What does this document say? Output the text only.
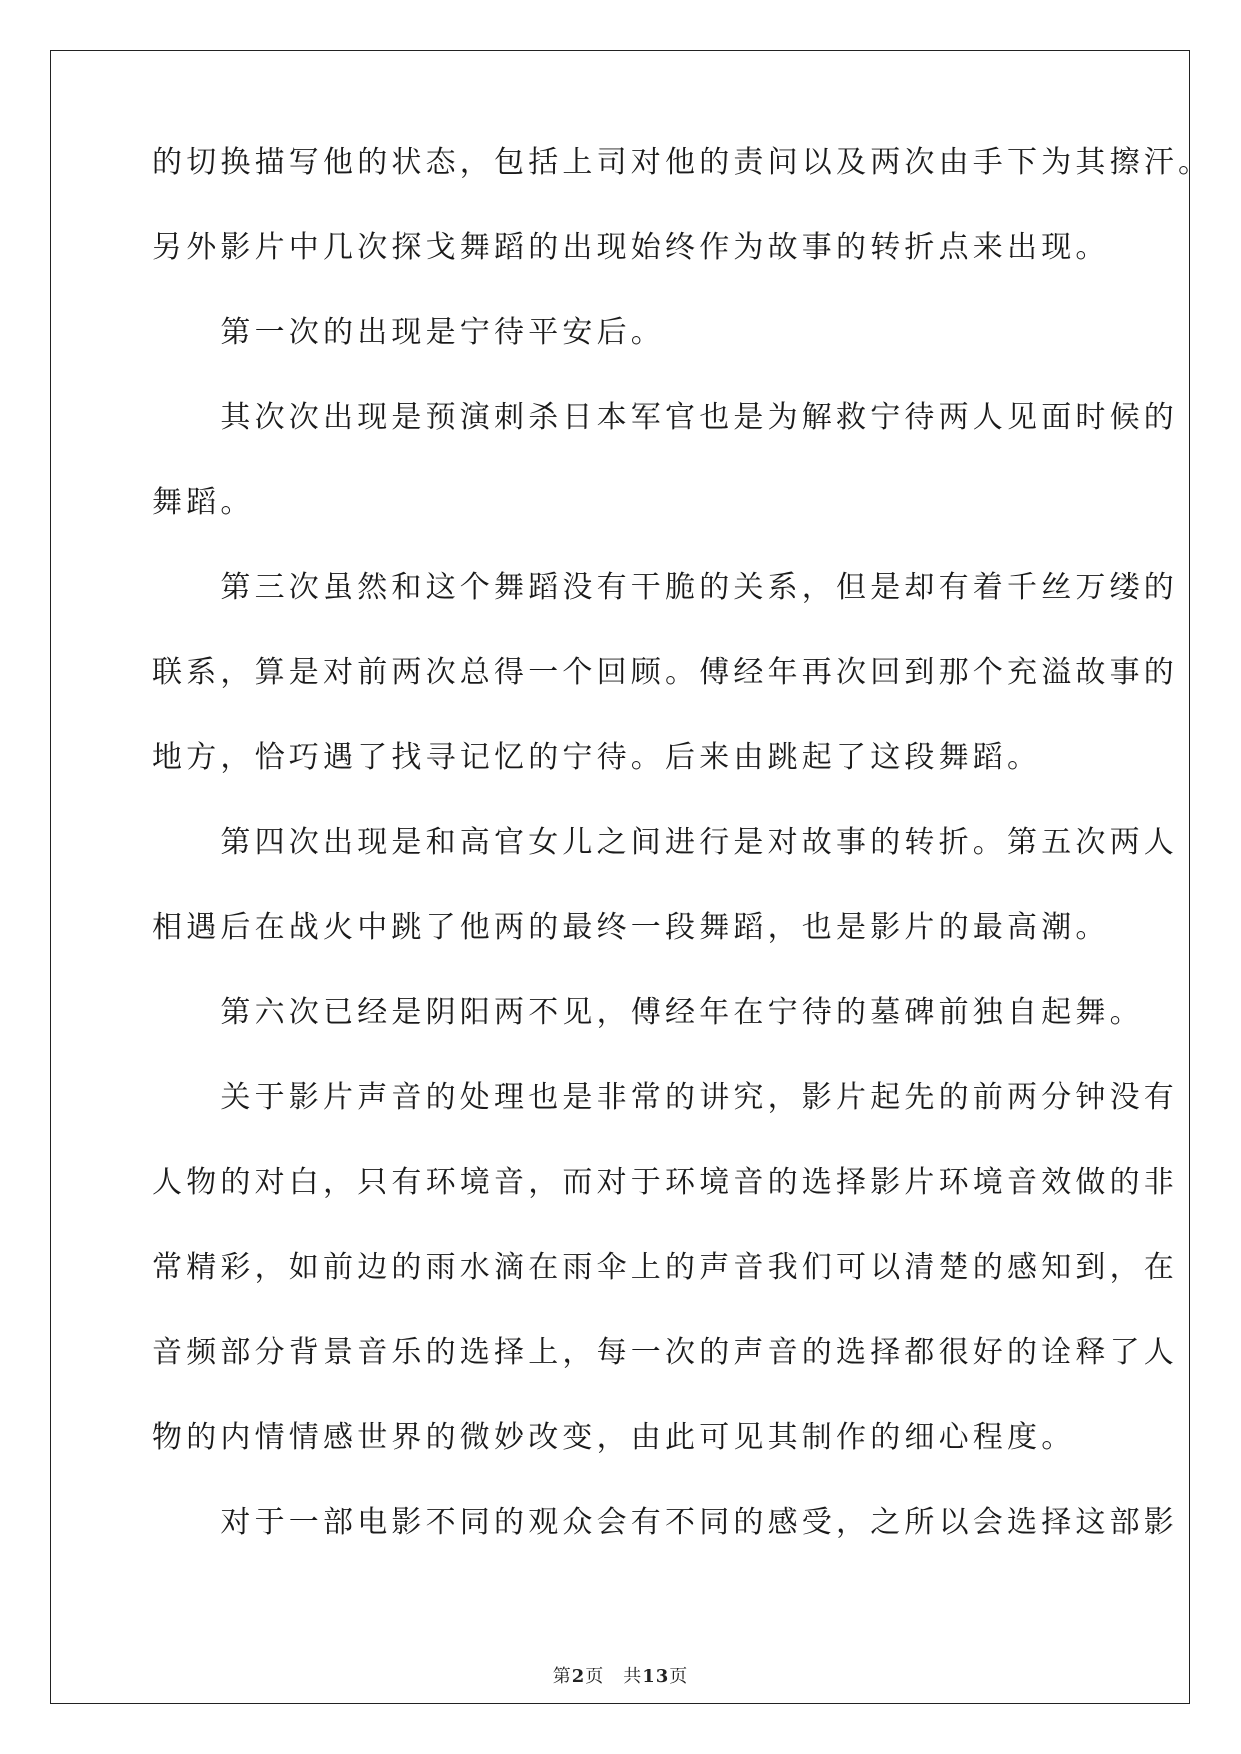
的切换描写他的状态，包括上司对他的责问以及两次由手下为其擦汗。
另外影片中几次探戈舞蹈的出现始终作为故事的转折点来出现。
　　第一次的出现是宁待平安后。
　　其次次出现是预演刺杀日本军官也是为解救宁待两人见面时候的
舞蹈。
　　第三次虽然和这个舞蹈没有干脆的关系，但是却有着千丝万缕的
联系，算是对前两次总得一个回顾。傅经年再次回到那个充溢故事的
地方，恰巧遇了找寻记忆的宁待。后来由跳起了这段舞蹈。
　　第四次出现是和高官女儿之间进行是对故事的转折。第五次两人
相遇后在战火中跳了他两的最终一段舞蹈，也是影片的最高潮。
　　第六次已经是阴阳两不见，傅经年在宁待的墓碑前独自起舞。
　　关于影片声音的处理也是非常的讲究，影片起先的前两分钟没有
人物的对白，只有环境音，而对于环境音的选择影片环境音效做的非
常精彩，如前边的雨水滴在雨伞上的声音我们可以清楚的感知到，在
音频部分背景音乐的选择上，每一次的声音的选择都很好的诠释了人
物的内情情感世界的微妙改变，由此可见其制作的细心程度。
　　对于一部电影不同的观众会有不同的感受，之所以会选择这部影
第2页　共13页
